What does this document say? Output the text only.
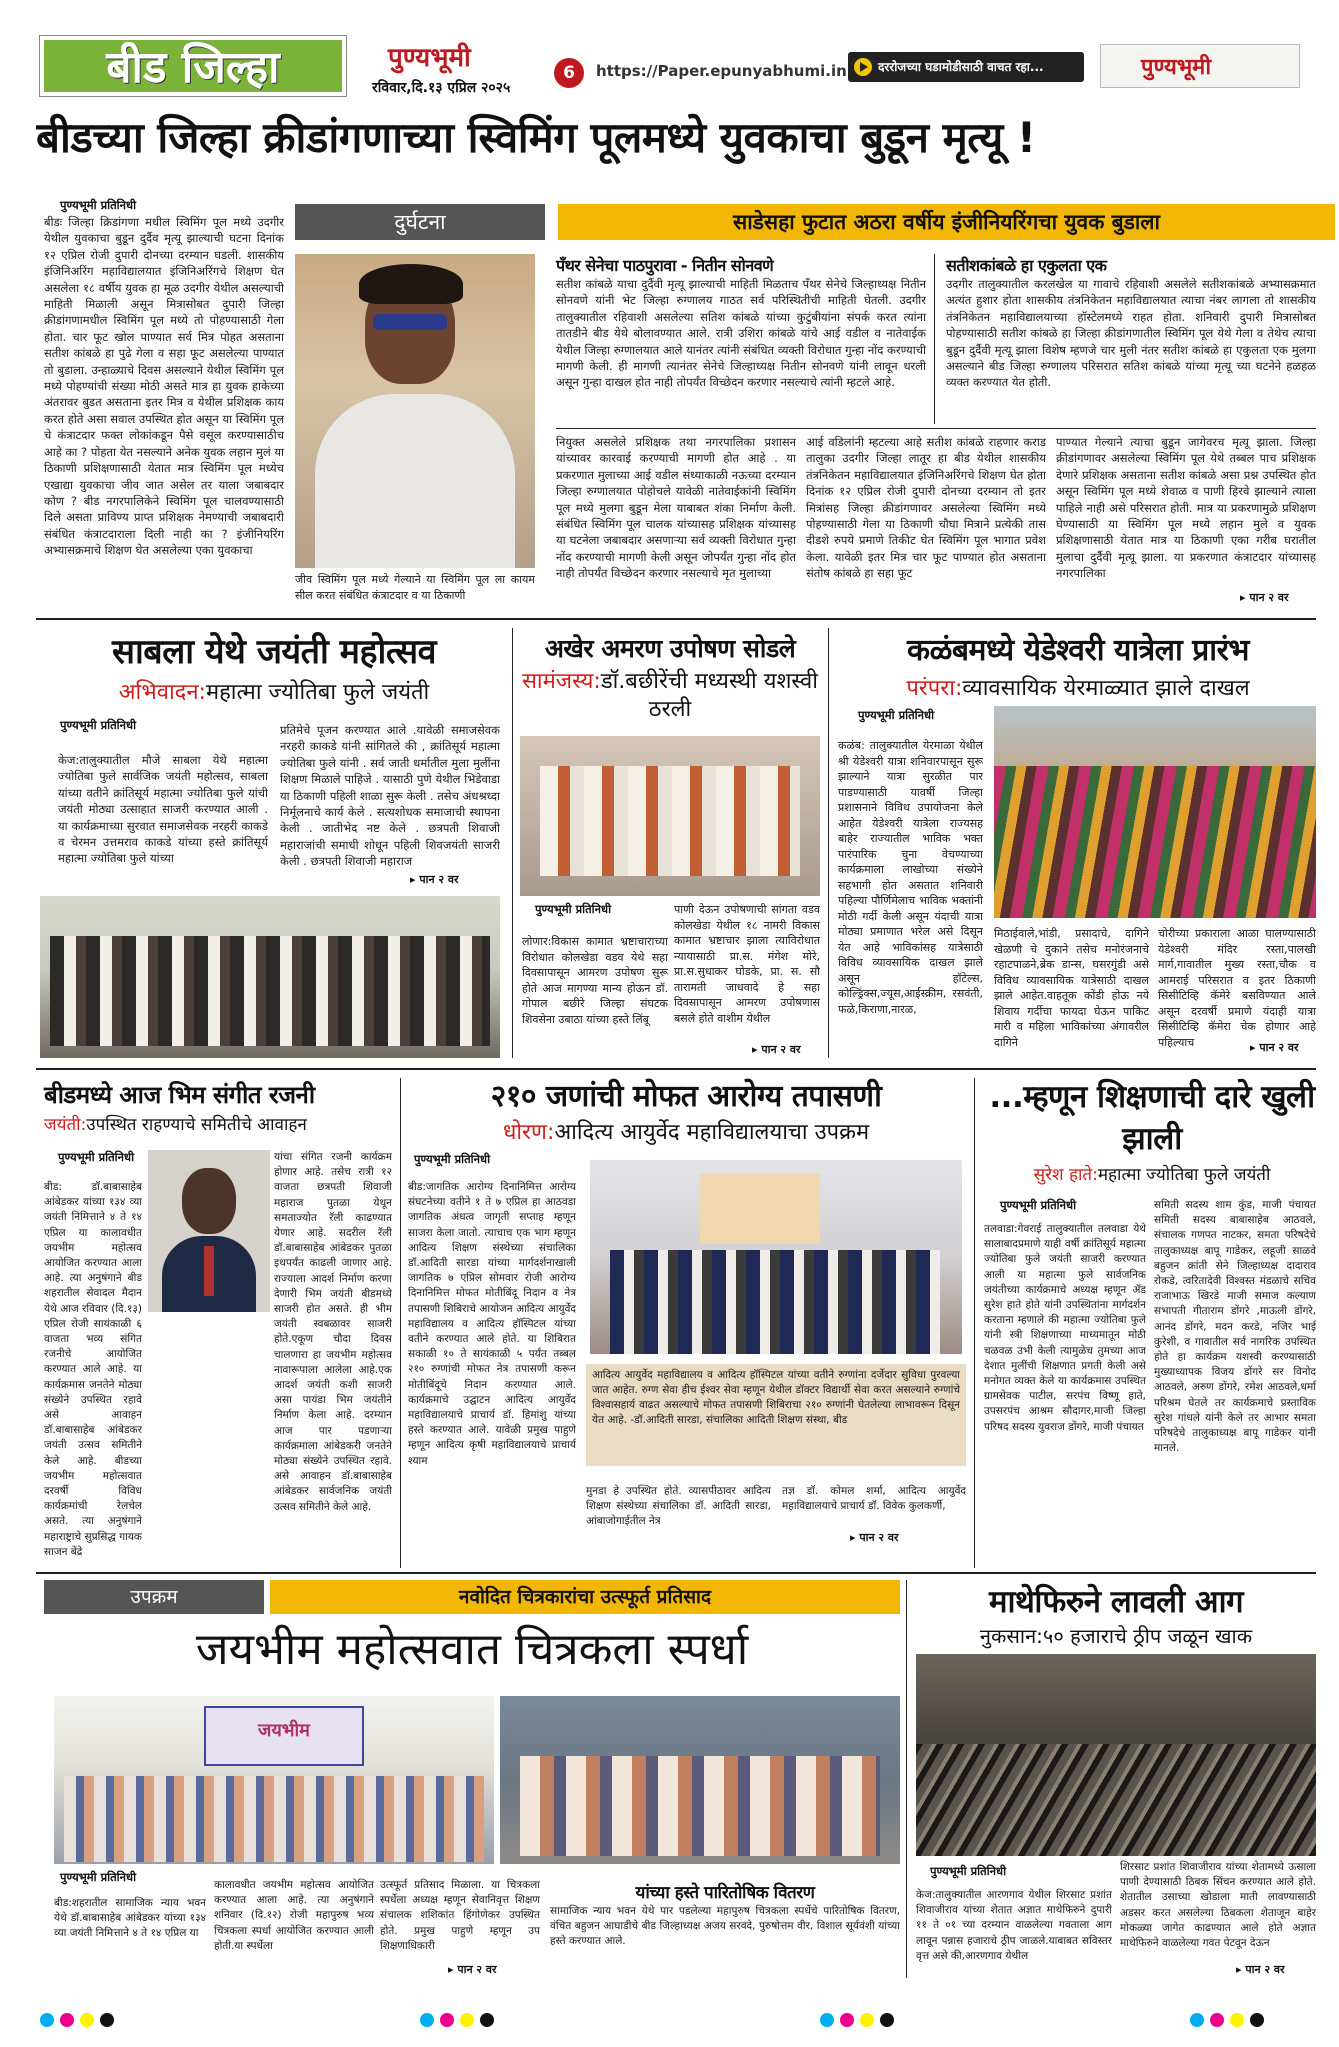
बीड जिल्हा	पुण्यभूमी
रविवार,दि.१३ एप्रिल २०२५
6	https://Paper.epunyabhumi.in	दररोजच्या घडामोडीसाठी वाचत रहा...	पुण्यभूमी
बीडच्या जिल्हा क्रीडांगणाच्या स्विमिंग पूलमध्ये युवकाचा बुडून मृत्यू !
पुण्यभूमी प्रतिनिधी
बीडः जिल्हा क्रिडांगणा मधील स्विमिंग पूल मध्ये उदगीर येथील युवकाचा बुडून दुर्दैव मृत्यू झाल्याची घटना दिनांक १२ एप्रिल रोजी दुपारी दोनच्या दरम्यान घडली. शासकीय इंजिनिअरिंग महाविद्यालयात इंजिनिअरिंगचे शिक्षण घेत असलेला १८ वर्षीय युवक हा मूळ उदगीर येथील असल्याची माहिती मिळाली असून मित्रासोबत दुपारी जिल्हा क्रीडांगणामधील स्विमिंग पूल मध्ये तो पोहण्यासाठी गेला होता. चार फूट खोल पाण्यात सर्व मित्र पोहत असताना सतीश कांबळे हा पुढे गेला व सहा फूट असलेल्या पाण्यात तो बुडाला. उन्हाळ्याचे दिवस असल्याने येथील स्विमिंग पूल मध्ये पोहण्यांची संख्या मोठी असते मात्र हा युवक हाकेच्या अंतरावर बुडत असताना इतर मित्र व येथील प्रशिक्षक काय करत होते असा सवाल उपस्थित होत असून या स्विमिंग पूल चे कंत्राटदार फक्त लोकांकडून पैसे वसूल करण्यासाठीच आहे का ? पोहता येत नसल्याने अनेक युवक लहान मुलं या ठिकाणी प्रशिक्षणासाठी येतात मात्र स्विमिंग पूल मध्येच एखाद्या युवकाचा जीव जात असेल तर याला जबाबदार कोण ? बीड नगरपालिकेने स्विमिंग पूल चालवण्यासाठी दिले असता प्राविण्य प्राप्त प्रशिक्षक नेमण्याची जबाबदारी संबंधित कंत्राटदाराला दिली नाही का ? इंजीनियरिंग अभ्यासक्रमाचे शिक्षण घेत असलेल्या एका युवकाचा
दुर्घटना	साडेसहा फुटात अठरा वर्षीय इंजीनियरिंगचा युवक बुडाला
जीव स्विमिंग पूल मध्ये गेल्याने या स्विमिंग पूल ला कायम सील करत संबंधित कंत्राटदार व या ठिकाणी
पँथर सेनेचा पाठपुरावा - नितीन सोनवणे
सतीश कांबळे याचा दुर्दैवी मृत्यू झाल्याची माहिती मिळताच पँथर सेनेचे जिल्हाध्यक्ष नितीन सोनवणे यांनी भेट जिल्हा रुग्णालय गाठत सर्व परिस्थितीची माहिती घेतली. उदगीर तालुक्यातील रहिवाशी असलेल्या सतिश कांबळे यांच्या कुटुंबीयांना संपर्क करत त्यांना तातडीने बीड येथे बोलावण्यात आले. रात्री उशिरा कांबळे यांचे आई वडील व नातेवाईक येथील जिल्हा रुग्णालयात आले यानंतर त्यांनी संबंधित व्यक्ती विरोधात गुन्हा नोंद करण्याची मागणी केली. ही मागणी त्यानंतर सेनेचे जिल्हाध्यक्ष नितीन सोनवणे यांनी लावून धरली असून गुन्हा दाखल होत नाही तोपर्यंत विच्छेदन करणार नसल्याचे त्यांनी म्हटले आहे.
सतीशकांबळे हा एकुलता एक
उदगीर तालुक्यातील करलखेल या गावाचे रहिवाशी असलेले सतीशकांबळे अभ्यासक्रमात अत्यंत हुशार होता शासकीय तंत्रनिकेतन महाविद्यालयात त्याचा नंबर लागला तो शासकीय तंत्रनिकेतन महाविद्यालयाच्या हॉस्टेलमध्ये राहत होता. शनिवारी दुपारी मित्रासोबत पोहण्यासाठी सतीश कांबळे हा जिल्हा क्रीडांगणातील स्विमिंग पूल येथे गेला व तेथेच त्याचा बुडून दुर्दैवी मृत्यू झाला विशेष म्हणजे चार मुली नंतर सतीश कांबळे हा एकुलता एक मुलगा असल्याने बीड जिल्हा रुग्णालय परिसरात सतिश कांबळे यांच्या मृत्यू च्या घटनेने हळहळ व्यक्त करण्यात येत होती.
नियुक्त असलेले प्रशिक्षक तथा नगरपालिका प्रशासन यांच्यावर कारवाई करण्याची मागणी होत आहे . या प्रकरणात मुलाच्या आई वडील संध्याकाळी नऊच्या दरम्यान जिल्हा रुग्णालयात पोहोचले यावेळी नातेवाईकांनी स्विमिंग पूल मध्ये मुलगा बुडून मेला याबाबत शंका निर्माण केली. संबंधित स्विमिंग पूल चालक यांच्यासह प्रशिक्षक यांच्यासह या घटनेला जबाबदार असणाऱ्या सर्व व्यक्ती विरोधात गुन्हा नोंद करण्याची मागणी केली असून जोपर्यंत गुन्हा नोंद होत नाही तोपर्यंत विच्छेदन करणार नसल्याचे मृत मुलाच्या
आई वडिलांनी म्हटल्या आहे सतीश कांबळे राहणार कराड तालुका उदगीर जिल्हा लातूर हा बीड येथील शासकीय तंत्रनिकेतन महाविद्यालयात इंजिनिअरिंगचे शिक्षण घेत होता दिनांक १२ एप्रिल रोजी दुपारी दोनच्या दरम्यान तो इतर मित्रांसह जिल्हा क्रीडांगणावर असलेल्या स्विमिंग मध्ये पोहण्यासाठी गेला या ठिकाणी चौघा मित्राने प्रत्येकी तास दीडशे रुपये प्रमाणे तिकीट घेत स्विमिंग पूल भागात प्रवेश केला. यावेळी इतर मित्र चार फूट पाण्यात होत असताना संतोष कांबळे हा सहा फूट
पाण्यात गेल्याने त्याचा बुडून जागेवरच मृत्यू झाला. जिल्हा क्रीडांगणावर असलेल्या स्विमिंग पूल येथे तब्बल पाच प्रशिक्षक देणारे प्रशिक्षक असताना सतीश कांबळे असा प्रश्न उपस्थित होत असून स्विमिंग पूल मध्ये शेवाळ व पाणी हिरवे झाल्याने त्याला पाहिले नाही असे परिसरात होती. मात्र या प्रकरणामुळे प्रशिक्षण घेण्यासाठी या स्विमिंग पूल मध्ये लहान मुले व युवक प्रशिक्षणासाठी येतात मात्र या ठिकाणी एका गरीब घरातील मुलाचा दुर्दैवी मृत्यू झाला. या प्रकरणात कंत्राटदार यांच्यासह नगरपालिका
▸ पान २ वर
साबला येथे जयंती महोत्सव
अभिवादन:महात्मा ज्योतिबा फुले जयंती
पुण्यभूमी प्रतिनिधी
केज:तालुक्यातील मौजे साबला येथे महात्मा ज्योतिबा फुले सार्वजिक जयंती महोत्सव, साबला यांच्या वतीने क्रांतिसूर्य महात्मा ज्योतिबा फुले यांची जयंती मोठ्या उत्साहात साजरी करण्यात आली . या कार्यक्रमाच्या सुरवात समाजसेवक नरहरी काकडे व चेरमन उत्तमराव काकडे यांच्या हस्ते क्रांतिसूर्य महात्मा ज्योतिबा फुले यांच्या
प्रतिमेचे पूजन करण्यात आले .यावेळी समाजसेवक नरहरी काकडे यांनी सांगितले की , क्रांतिसूर्य महात्मा ज्योतिबा फुले यांनी . सर्व जाती धर्मातील मुला मुलींना शिक्षण मिळाले पाहिजे . यासाठी पुणे येथील भिडेवाडा या ठिकाणी पहिली शाळा सुरू केली . तसेच अंधश्रध्दा निर्मूलनाचे कार्य केले . सत्यशोधक समाजाची स्थापना केली . जातीभेद नष्ट केले . छत्रपती शिवाजी महाराजांची समाधी शोधून पहिली शिवजयंती साजरी केली . छत्रपती शिवाजी महाराज
▸ पान २ वर
अखेर अमरण उपोषण सोडले
सामंजस्य:डॉ.बछीरेंची मध्यस्थी यशस्वी ठरली
पुण्यभूमी प्रतिनिधी
लोणार:विकास कामात भ्रष्टाचाराच्या विरोधात कोलखेडा वडव येथे सहा दिवसापासून आमरण उपोषण सुरू होते आज मागण्या मान्य होऊन डॉ. गोपाल बछीरे जिल्हा संघटक शिवसेना उबाठा यांच्या हस्ते लिंबू
पाणी देऊन उपोषणाची सांगता वडव कोलखेडा येथील १८ नामरी विकास कामात भ्रष्टाचार झाला त्याविरोधात न्यायासाठी प्रा.स. मंगेश मोरे, प्रा.स.सुधाकर घोडके, प्रा. स. सौ तारामती जाधवादे हे सहा दिवसापासून आमरण उपोषणास बसले होते वाशीम येथील
▸ पान २ वर
कळंबमध्ये येडेश्वरी यात्रेला प्रारंभ
परंपरा:व्यावसायिक येरमाळ्यात झाले दाखल
पुण्यभूमी प्रतिनिधी
कळंब: तालुक्यातील येरमाळा येथील श्री येडेश्वरी यात्रा शनिवारपासून सुरू झाल्याने यात्रा सुरळीत पार पाडण्यासाठी यावर्षी जिल्हा प्रशासनाने विविध उपायोजना केले आहेत येडेश्वरी यात्रेला राज्यसह बाहेर राज्यातील भाविक भक्त पारंपारिक चुना वेचण्याच्या कार्यक्रमाला लाखोच्या संख्येने सहभागी होत असतात शनिवारी पहिल्या पौर्णिमेलाच भाविक भक्तांनी मोठी गर्दी केली असून यंदाची यात्रा मोठ्या प्रमाणात भरेल असे दिसून येत आहे भाविकांसह यात्रेसाठी विविध व्यावसायिक दाखल झाले असून हॉटेल्स, कोल्ड्रिंक्स,ज्यूस,आईस्क्रीम, रसवंती, फळे,किराणा,नारळ,
मिठाईवाले,भांडी, प्रसादाचे, दागिने खेळणी चे दुकाने तसेच मनोरंजनाचे रहाटपाळने,ब्रेक डान्स, घसरगुंडी असे विविध व्यावसायिक यात्रेसाठी दाखल झाले आहेत.वाहतूक कोंडी होऊ नये शिवाय गर्दीचा फायदा घेऊन पाकिट मारी व महिला भाविकांच्या अंगावरील दागिने
चोरीच्या प्रकाराला आळा घालण्यासाठी येडेश्वरी मंदिर रस्ता,पालखी मार्ग,गावातील मुख्य रस्ता,चौक व आमराई परिसरात व इतर ठिकाणी सिसीटिव्हि कॅमेरे बसविण्यात आले असून दरवर्षी प्रमाणे यंदाही यात्रा सिसीटिव्हि कॅमेरा चेक होणार आहे पहिल्याच	▸ पान २ वर
बीडमध्ये आज भिम संगीत रजनी
जयंती:उपस्थित राहण्याचे समितीचे आवाहन
पुण्यभूमी प्रतिनिधी
बीड: डॉ.बाबासाहेब आंबेडकर यांच्या १३४ व्या जयंती निमित्ताने ४ ते १४ एप्रिल या कालावधीत जयभीम महोत्सव आयोजित करण्यात आला आहे. त्या अनुषंगाने बीड शहरातील सेवादल मैदान येथे आज रविवार (दि.१३) एप्रिल रोजी सायंकाळी ६ वाजता भव्य संगित रजनीचे आयोजित करण्यात आले आहे. या कार्यक्रमास जनतेने मोठ्या संख्येने उपस्थित रहावे असे आवाहन डॉ.बाबासाहेब आंबेडकर जयंती उत्सव समितीने केले आहे. बीडच्या जयभीम महोत्सवात दरवर्षी विविध कार्यक्रमांची रेलचेल असते. त्या अनुषंगाने महाराष्ट्राचे सुप्रसिद्ध गायक साजन बेंद्रे
यांचा संगित रजनी कार्यक्रम होणार आहे. तसेच रात्री १२ वाजता छत्रपती शिवाजी महाराज पुतळा येथून समताज्योत रॅली काढण्यात येणार आहे. सदरील रॅली डॉ.बाबासाहेब आंबेडकर पुतळा इथपर्यंत काढली जाणार आहे. राज्याला आदर्श निर्माण करणा देणारी भिम जयंती बीडमध्ये साजरी होत असते. ही भीम जयंती स्वबळावर साजरी होते.एकूण चौदा दिवस चालणारा हा जयभीम महोत्सव नावारूपाला आलेला आहे.एक आदर्श जयंती कशी साजरी असा पायंडा भिम जयंतीने निर्माण केला आहे. दरम्यान आज पार पडणाऱ्या कार्यक्रमाला आंबेडकरी जनतेने मोठ्या संख्येने उपस्थित रहावे. असे आवाहन डॉ.बाबासाहेब आंबेडकर सार्वजनिक जयंती उत्सव समितीने केले आहे.
२१० जणांची मोफत आरोग्य तपासणी
धोरण:आदित्य आयुर्वेद महाविद्यालयाचा उपक्रम
पुण्यभूमी प्रतिनिधी
बीड:जागतिक आरोग्य दिनानिमित्त आरोग्य संघटनेच्या वतीने १ ते ७ एप्रिल हा आठवडा जागतिक अंधत्व जागृती सप्ताह म्हणून साजरा केला जातो. त्याचाच एक भाग म्हणून आदित्य शिक्षण संस्थेच्या संचालिका डॉ.आदिती सारडा यांच्या मार्गदर्शनाखाली जागतिक ७ एप्रिल सोमवार रोजी आरोग्य दिनानिमित्त मोफत मोतीबिंदू निदान व नेत्र तपासणी शिबिराचे आयोजन आदित्य आयुर्वेद महाविद्यालय व आदित्य हॉस्पिटल यांच्या वतीने करण्यात आले होते. या शिबिरात सकाळी १० ते सायंकाळी ५ पर्यंत तब्बल २१० रुग्णांची मोफत नेत्र तपासणी करून मोतीबिंदूचे निदान करण्यात आले. कार्यक्रमाचे उद्घाटन आदित्य आयुर्वेद महाविद्यालयाचे प्राचार्य डॉ. हिमांशु यांच्या हस्ते करण्यात आले. यावेळी प्रमुख पाहुणे म्हणून आदित्य कृषी महाविद्यालयाचे प्राचार्य श्याम
आदित्य आयुर्वेद महाविद्यालय व आदित्य हॉस्पिटल यांच्या वतीने रुग्णांना दर्जेदार सुविधा पुरवल्या जात आहेत. रुग्ण सेवा हीच ईश्वर सेवा म्हणून येथील डॉक्टर विद्यार्थी सेवा करत असल्याने रुग्णांचे विश्वासहार्य वाढत असल्याचे मोफत तपासणी शिबिराचा २१० रुग्णांनी घेतलेल्या लाभावरून दिसून येत आहे. -डॉ.आदिती सारडा, संचालिका आदिती शिक्षण संस्था, बीड
मुनडा हे उपस्थित होते. व्यासपीठावर आदित्य शिक्षण संस्थेच्या संचालिका डॉ. आदिती सारडा, आंबाजोगाईतील नेत्र
तज्ञ डॉ. कोमल शर्मा, आदित्य आयुर्वेद महाविद्यालयाचे प्राचार्य डॉ. विवेक कुलकर्णी,
▸ पान २ वर
...म्हणून शिक्षणाची दारे खुली झाली
सुरेश हाते:महात्मा ज्योतिबा फुले जयंती
पुण्यभूमी प्रतिनिधी
तलवाडा:गेवराई तालुक्यातील तलवाडा येथे सालाबादप्रमाणे याही वर्षी क्रांतिसूर्य महात्मा ज्योतिबा फुले जयंती साजरी करण्यात आली या महात्मा फुले सार्वजनिक जयंतीच्या कार्यक्रमाचे अध्यक्ष म्हणून ॲड सुरेश हाते होते यांनी उपस्थितांना मार्गदर्शन करताना म्हणाले की महात्मा ज्योतिबा फुले यांनी स्त्री शिक्षणाच्या माध्यमातून मोठी चळवळ उभी केली त्यामुळेच तुमच्या आज देशात मुलींची शिक्षणात प्रगती केली असे मनोगत व्यक्त केले या कार्यक्रमास उपस्थित ग्रामसेवक पाटील, सरपंच विष्णू हाते, उपसरपंच आश्रम सौदागर,माजी जिल्हा परिषद सदस्य युवराज डोंगरे, माजी पंचायत
समिती सदस्य शाम कुंड, माजी पंचायत समिती सदस्य बाबासाहेब आठवले, संचालक गणपत नाटकर, समता परिषदेचे तालुकाध्यक्ष बापू गाडेकर, लहूजी साळवे बहुजन क्रांती सेने जिल्हाध्यक्ष दादाराव रोकडे, त्वरितादेवी विश्वस्त मंडळाचे सचिव राजाभाऊ खिरडे माजी समाज कल्याण सभापती गीताराम डोंगरे ,माऊली डोंगरे, आनंद डोंगरे, मदन करडे, नजिर भाई कुरेशी, व गावातील सर्व नागरिक उपस्थित होते हा कार्यक्रम यशस्वी करण्यासाठी मुख्याध्यापक विजय डोंगरे सर विनोद आठवले, अरुण डोंगरे, रमेश आठवले,धर्मा परिश्रम घेतले तर कार्यक्रमाचे प्रस्ताविक सुरेश गांधले यांनी केले तर आभार समता परिषदेचे तालुकाध्यक्ष बापू गाडेकर यांनी मानले.
उपक्रम	नवोदित चित्रकारांचा उत्स्फूर्त प्रतिसाद
जयभीम महोत्सवात चित्रकला स्पर्धा
जयभीम
पुण्यभूमी प्रतिनिधी
बीड:शहरातील सामाजिक न्याय भवन येथे डॉ.बाबासाहेब आंबेडकर यांच्या १३४ व्या जयंती निमित्ताने ४ ते १४ एप्रिल या
कालावधीत जयभीम महोत्सव आयोजित करण्यात आला आहे. त्या अनुषंगाने शनिवार (दि.१२) रोजी महापुरुष भव्य चित्रकला स्पर्धा आयोजित करण्यात आली होती.या स्पर्धेला
उत्स्फूर्त प्रतिसाद मिळाला. या चित्रकला स्पर्धेला अध्यक्ष म्हणून सेवानिवृत्त शिक्षण संचालक शशिकांत हिंगोणेकर उपस्थित होते. प्रमुख पाहुणे म्हणून उप शिक्षणाधिकारी
▸ पान २ वर
यांच्या हस्ते पारितोषिक वितरण
सामाजिक न्याय भवन येथे पार पडलेल्या महापुरुष चित्रकला स्पर्धेचे पारितोषिक वितरण, वंचित बहुजन आघाडीचे बीड जिल्हाध्यक्ष अजय सरवदे, पुरुषोत्तम वीर, विशाल सूर्यवंशी यांच्या हस्ते करण्यात आले.
माथेफिरुने लावली आग
नुकसान:५० हजाराचे ठ्रीप जळून खाक
पुण्यभूमी प्रतिनिधी
केज:तालुक्यातील आरणगाव येथील शिरसाट प्रशांत शिवाजीराव यांच्या शेतात अज्ञात माथेफिरुने दुपारी ११ ते ०१ च्या दरम्यान वाळलेल्या गवताला आग लावून पन्नास हजाराचे ठ्रीप जाळले.याबाबत सविस्तर वृत्त असे की,आरणगाव येथील
शिरसाट प्रशांत शिवाजीराव यांच्या शेतामध्ये ऊसाला पाणी देण्यासाठी ठिबक सिंचन करण्यात आले होते. शेतातील उसाच्या खोडाला माती लावण्यासाठी अडसर करत असलेल्या ठिबकला शेताजून बाहेर मोकळ्या जागेत काढण्यात आले होते अज्ञात माथेफिरुने वाळलेल्या गवत पेटवून देऊन
▸ पान २ वर
